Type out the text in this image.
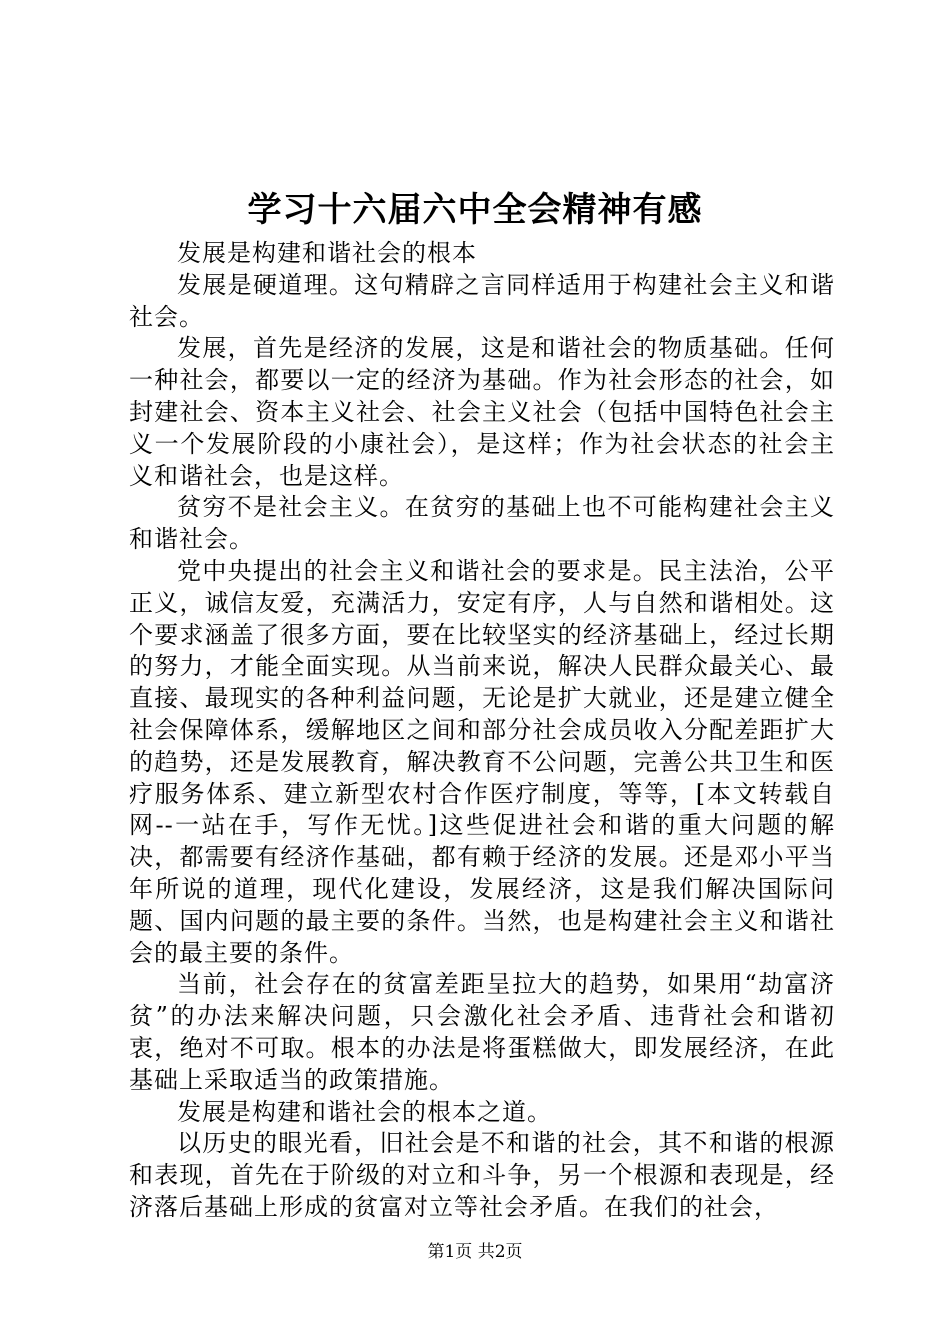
学习十六届六中全会精神有感

发展是构建和谐社会的根本

发展是硬道理。这句精辟之言同样适用于构建社会主义和谐社会。

发展，首先是经济的发展，这是和谐社会的物质基础。任何一种社会，都要以一定的经济为基础。作为社会形态的社会，如封建社会、资本主义社会、社会主义社会（包括中国特色社会主义一个发展阶段的小康社会），是这样；作为社会状态的社会主义和谐社会，也是这样。

贫穷不是社会主义。在贫穷的基础上也不可能构建社会主义和谐社会。

党中央提出的社会主义和谐社会的要求是。民主法治，公平正义，诚信友爱，充满活力，安定有序，人与自然和谐相处。这个要求涵盖了很多方面，要在比较坚实的经济基础上，经过长期的努力，才能全面实现。从当前来说，解决人民群众最关心、最直接、最现实的各种利益问题，无论是扩大就业，还是建立健全社会保障体系，缓解地区之间和部分社会成员收入分配差距扩大的趋势，还是发展教育，解决教育不公问题，完善公共卫生和医疗服务体系、建立新型农村合作医疗制度，等等，[本文转载自网--一站在手，写作无忧。]这些促进社会和谐的重大问题的解决，都需要有经济作基础，都有赖于经济的发展。还是邓小平当年所说的道理，现代化建设，发展经济，这是我们解决国际问题、国内问题的最主要的条件。当然，也是构建社会主义和谐社会的最主要的条件。

当前，社会存在的贫富差距呈拉大的趋势，如果用“劫富济贫”的办法来解决问题，只会激化社会矛盾、违背社会和谐初衷，绝对不可取。根本的办法是将蛋糕做大，即发展经济，在此基础上采取适当的政策措施。

发展是构建和谐社会的根本之道。

以历史的眼光看，旧社会是不和谐的社会，其不和谐的根源和表现，首先在于阶级的对立和斗争，另一个根源和表现是，经济落后基础上形成的贫富对立等社会矛盾。在我们的社会，

第1页 共2页
